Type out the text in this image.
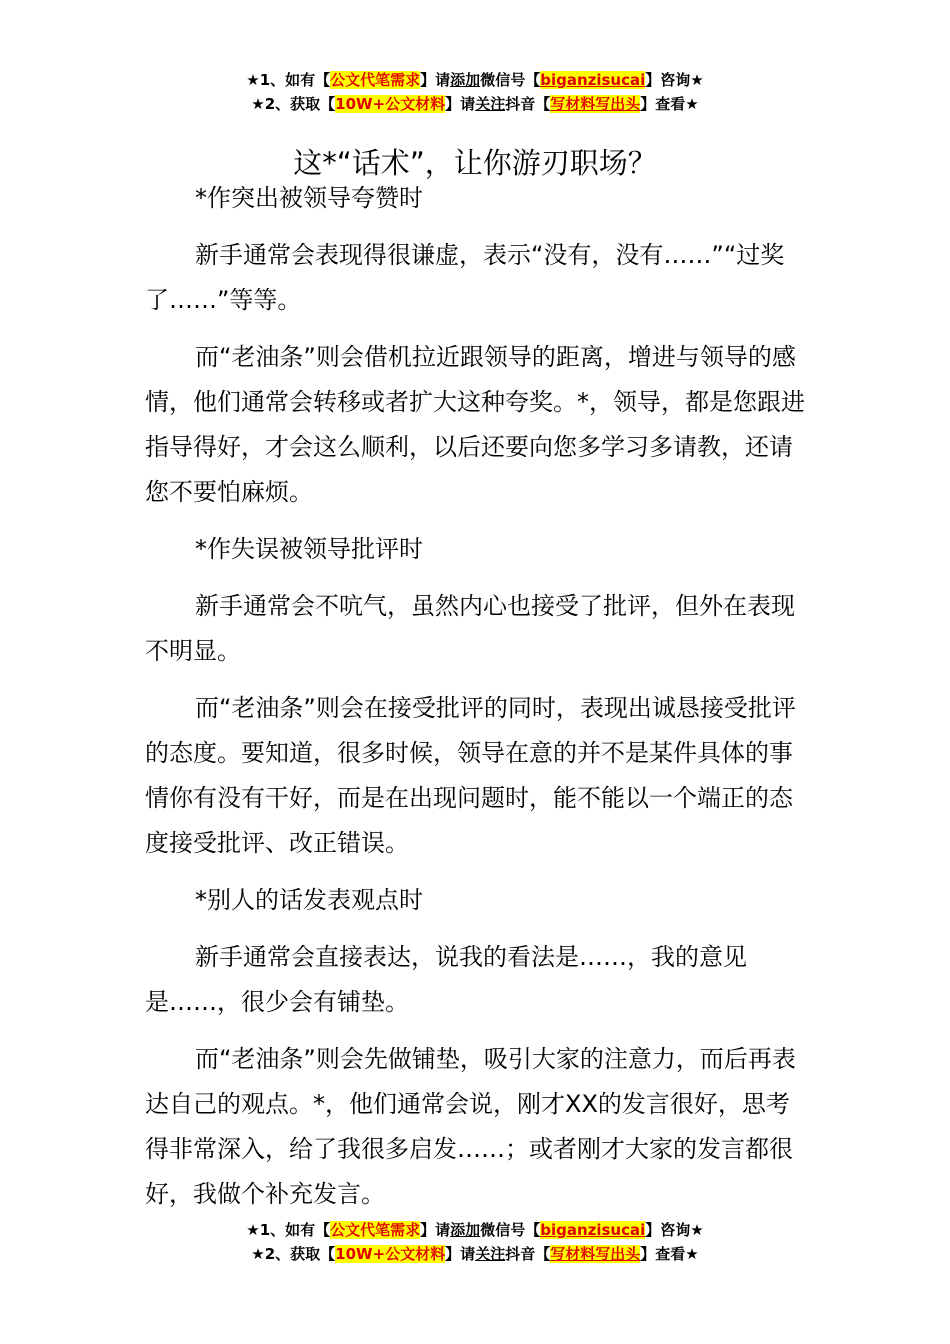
★1、如有【公文代笔需求】请添加微信号【biganzisucai】咨询★
★2、获取【10W+公文材料】请关注抖音【写材料写出头】查看★
这*“话术”，让你游刃职场？

*作突出被领导夸赞时

新手通常会表现得很谦虚，表示“没有，没有……”“过奖了……”等等。

而“老油条”则会借机拉近跟领导的距离，增进与领导的感情，他们通常会转移或者扩大这种夸奖。*，领导，都是您跟进指导得好，才会这么顺利，以后还要向您多学习多请教，还请您不要怕麻烦。

*作失误被领导批评时

新手通常会不吭气，虽然内心也接受了批评，但外在表现不明显。

而“老油条”则会在接受批评的同时，表现出诚恳接受批评的态度。要知道，很多时候，领导在意的并不是某件具体的事情你有没有干好，而是在出现问题时，能不能以一个端正的态度接受批评、改正错误。

*别人的话发表观点时

新手通常会直接表达，说我的看法是……，我的意见是……，很少会有铺垫。

而“老油条”则会先做铺垫，吸引大家的注意力，而后再表达自己的观点。*，他们通常会说，刚才XX的发言很好，思考得非常深入，给了我很多启发……；或者刚才大家的发言都很好，我做个补充发言。

★1、如有【公文代笔需求】请添加微信号【biganzisucai】咨询★
★2、获取【10W+公文材料】请关注抖音【写材料写出头】查看★
